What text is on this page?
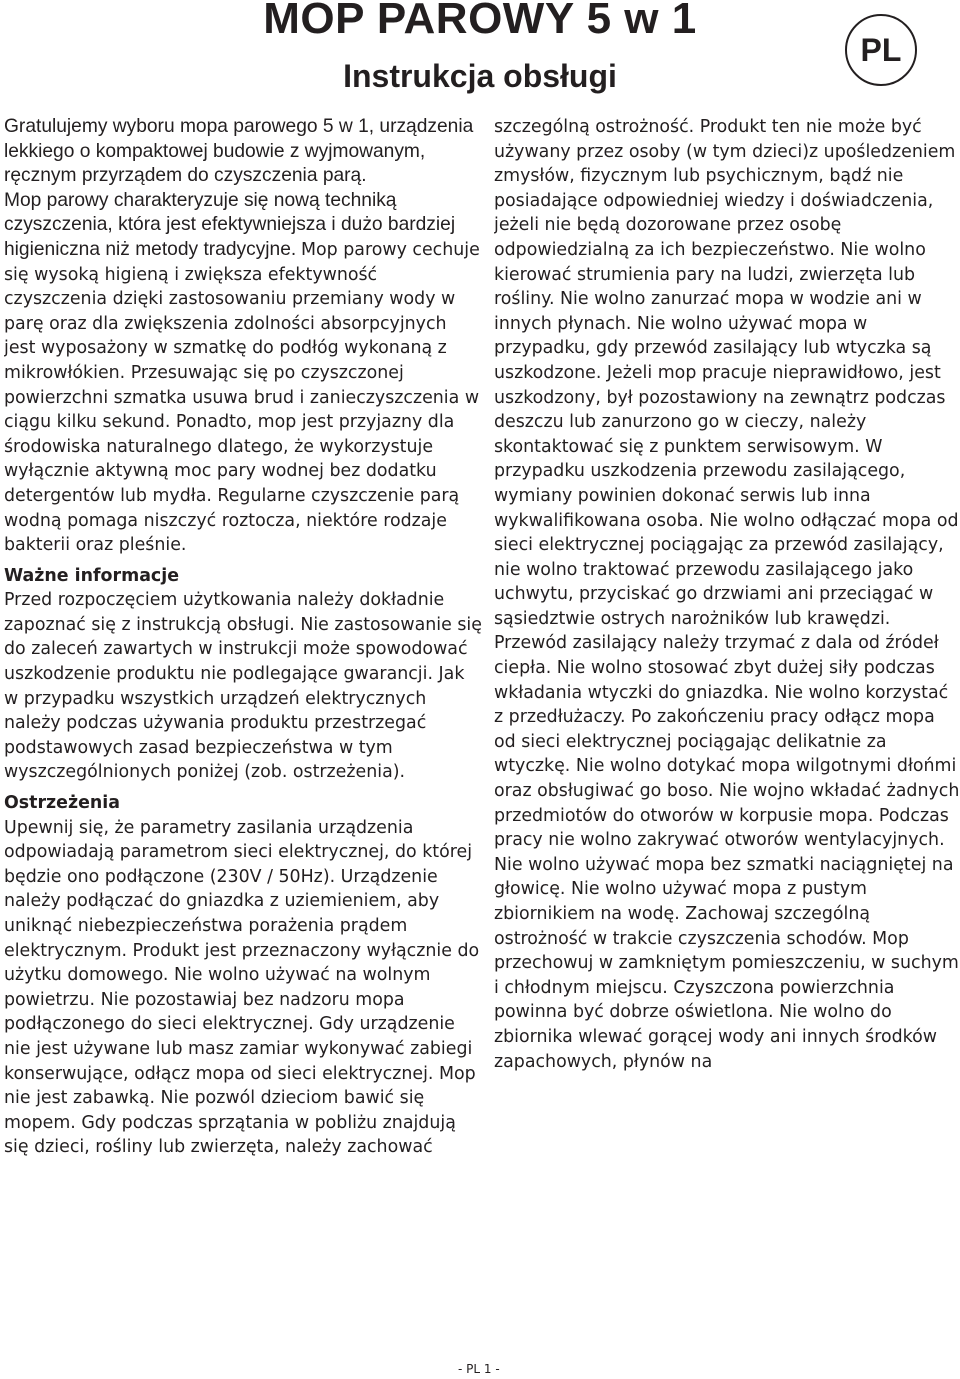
MOP PAROWY 5 w 1
Instrukcja obsługi
PL

Gratulujemy wyboru mopa parowego 5 w 1, urządzenia lekkiego o kompaktowej budowie z wyjmowanym, ręcznym przyrządem do czyszczenia parą.

Mop parowy charakteryzuje się nową techniką czyszczenia, która jest efektywniejsza i dużo bardziej higieniczna niż metody tradycyjne. Mop parowy cechuje się wysoką higieną i zwiększa efektywność czyszczenia dzięki zastosowaniu przemiany wody w parę oraz dla zwiększenia zdolności absorpcyjnych jest wyposażony w szmatkę do podłóg wykonaną z mikrowłókien. Przesuwając się po czyszczonej powierzchni szmatka usuwa brud i zanieczyszczenia w ciągu kilku sekund. Ponadto, mop jest przyjazny dla środowiska naturalnego dlatego, że wykorzystuje wyłącznie aktywną moc pary wodnej bez dodatku detergentów lub mydła. Regularne czyszczenie parą wodną pomaga niszczyć roztocza, niektóre rodzaje bakterii oraz pleśnie.

Ważne informacje

Przed rozpoczęciem użytkowania należy dokładnie zapoznać się z instrukcją obsługi. Nie zastosowanie się do zaleceń zawartych w instrukcji może spowodować uszkodzenie produktu nie podlegające gwarancji. Jak w przypadku wszystkich urządzeń elektrycznych należy podczas używania produktu przestrzegać podstawowych zasad bezpieczeństwa w tym wyszczególnionych poniżej (zob. ostrzeżenia).

Ostrzeżenia

Upewnij się, że parametry zasilania urządzenia odpowiadają parametrom sieci elektrycznej, do której będzie ono podłączone (230V / 50Hz). Urządzenie należy podłączać do gniazdka z uziemieniem, aby uniknąć niebezpieczeństwa porażenia prądem elektrycznym. Produkt jest przeznaczony wyłącznie do użytku domowego. Nie wolno używać na wolnym powietrzu. Nie pozostawiaj bez nadzoru mopa podłączonego do sieci elektrycznej. Gdy urządzenie nie jest używane lub masz zamiar wykonywać zabiegi konserwujące, odłącz mopa od sieci elektrycznej. Mop nie jest zabawką. Nie pozwól dzieciom bawić się mopem. Gdy podczas sprzątania w pobliżu znajdują się dzieci, rośliny lub zwierzęta, należy zachować

szczególną ostrożność. Produkt ten nie może być używany przez osoby (w tym dzieci)z upośledzeniem zmysłów, fizycznym lub psychicznym, bądź nie posiadające odpowiedniej wiedzy i doświadczenia, jeżeli nie będą dozorowane przez osobę odpowiedzialną za ich bezpieczeństwo. Nie wolno kierować strumienia pary na ludzi, zwierzęta lub rośliny. Nie wolno zanurzać mopa w wodzie ani w innych płynach. Nie wolno używać mopa w przypadku, gdy przewód zasilający lub wtyczka są uszkodzone. Jeżeli mop pracuje nieprawidłowo, jest uszkodzony, był pozostawiony na zewnątrz podczas deszczu lub zanurzono go w cieczy, należy skontaktować się z punktem serwisowym. W przypadku uszkodzenia przewodu zasilającego, wymiany powinien dokonać serwis lub inna wykwalifikowana osoba. Nie wolno odłączać mopa od sieci elektrycznej pociągając za przewód zasilający, nie wolno traktować przewodu zasilającego jako uchwytu, przyciskać go drzwiami ani przeciągać w sąsiedztwie ostrych narożników lub krawędzi. Przewód zasilający należy trzymać z dala od źródeł ciepła. Nie wolno stosować zbyt dużej siły podczas wkładania wtyczki do gniazdka. Nie wolno korzystać z przedłużaczy. Po zakończeniu pracy odłącz mopa od sieci elektrycznej pociągając delikatnie za wtyczkę. Nie wolno dotykać mopa wilgotnymi dłońmi oraz obsługiwać go boso. Nie wojno wkładać żadnych przedmiotów do otworów w korpusie mopa. Podczas pracy nie wolno zakrywać otworów wentylacyjnych. Nie wolno używać mopa bez szmatki naciągniętej na głowicę. Nie wolno używać mopa z pustym zbiornikiem na wodę. Zachowaj szczególną ostrożność w trakcie czyszczenia schodów. Mop przechowuj w zamkniętym pomieszczeniu, w suchym i chłodnym miejscu. Czyszczona powierzchnia powinna być dobrze oświetlona. Nie wolno do zbiornika wlewać gorącej wody ani innych środków zapachowych, płynów na

- PL 1 -
